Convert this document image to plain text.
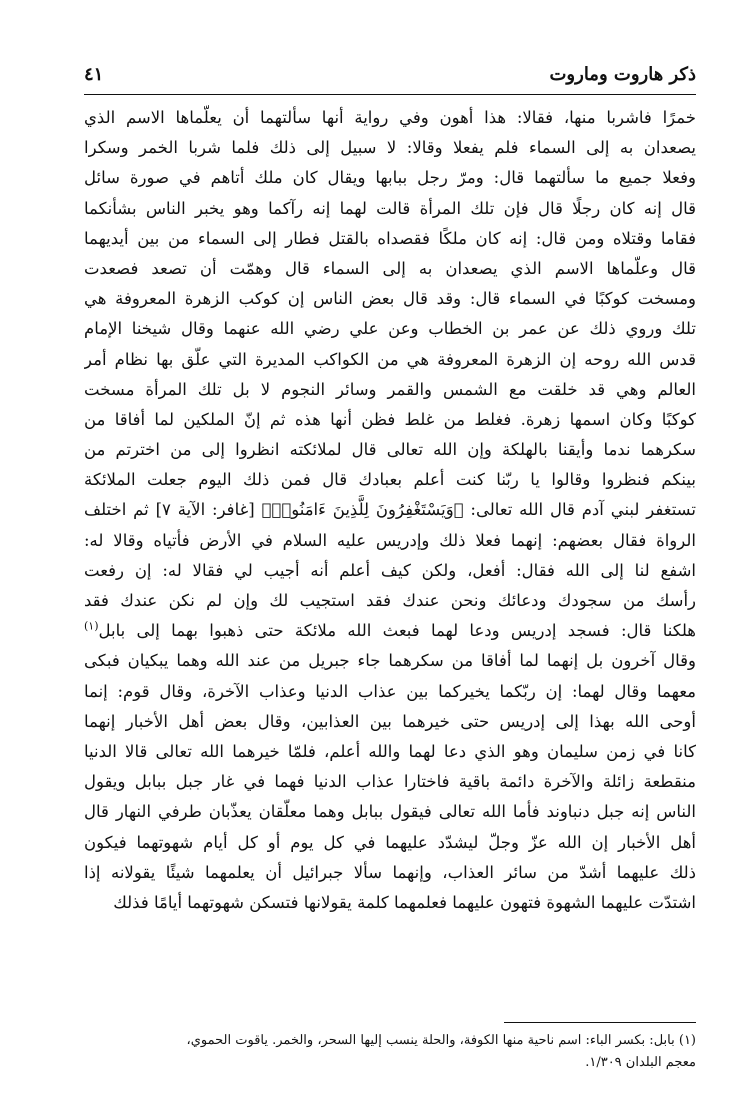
ذكر هاروت وماروت
٤١
خمرًا فاشربا منها، فقالا: هذا أهون وفي رواية أنها سألتهما أن يعلّماها الاسم الذي
يصعدان به إلى السماء فلم يفعلا وقالا: لا سبيل إلى ذلك فلما شربا الخمر وسكرا
وفعلا جميع ما سألتهما قال: ومرّ رجل ببابها ويقال كان ملك أتاهم في صورة سائل
قال إنه كان رجلًا قال فإن تلك المرأة قالت لهما إنه رآكما وهو يخبر الناس بشأنكما
فقاما وقتلاه ومن قال: إنه كان ملكًا فقصداه بالقتل فطار إلى السماء من بين أيديهما
قال وعلّماها الاسم الذي يصعدان به إلى السماء قال وهمّت أن تصعد فصعدت
ومسخت كوكبًا في السماء قال: وقد قال بعض الناس إن كوكب الزهرة المعروفة هي
تلك وروي ذلك عن عمر بن الخطاب وعن علي رضي الله عنهما وقال شيخنا الإمام
قدس الله روحه إن الزهرة المعروفة هي من الكواكب المديرة التي علّق بها نظام أمر
العالم وهي قد خلقت مع الشمس والقمر وسائر النجوم لا بل تلك المرأة مسخت
كوكبًا وكان اسمها زهرة. فغلط من غلط فظن أنها هذه ثم إنّ الملكين لما أفاقا من
سكرهما ندما وأيقنا بالهلكة وإن الله تعالى قال لملائكته انظروا إلى من اخترتم من
بينكم فنظروا وقالوا يا ربّنا كنت أعلم بعبادك قال فمن ذلك اليوم جعلت الملائكة
تستغفر لبني آدم قال الله تعالى: ﴿وَيَسْتَغْفِرُونَ لِلَّذِينَ ءَامَنُوا۟﴾ [غافر: الآية ٧] ثم اختلف
الرواة فقال بعضهم: إنهما فعلا ذلك وإدريس عليه السلام في الأرض فأتياه وقالا له:
اشفع لنا إلى الله فقال: أفعل، ولكن كيف أعلم أنه أجيب لي فقالا له: إن رفعت
رأسك من سجودك ودعائك ونحن عندك فقد استجيب لك وإن لم نكن عندك فقد
هلكنا قال: فسجد إدريس ودعا لهما فبعث الله ملائكة حتى ذهبوا بهما إلى بابل$^{(١)}$
وقال آخرون بل إنهما لما أفاقا من سكرهما جاء جبريل من عند الله وهما يبكيان فبكى
معهما وقال لهما: إن ربّكما يخيركما بين عذاب الدنيا وعذاب الآخرة، وقال قوم: إنما
أوحى الله بهذا إلى إدريس حتى خيرهما بين العذابين، وقال بعض أهل الأخبار إنهما
كانا في زمن سليمان وهو الذي دعا لهما والله أعلم، فلمّا خيرهما الله تعالى قالا الدنيا
منقطعة زائلة والآخرة دائمة باقية فاختارا عذاب الدنيا فهما في غار جبل ببابل ويقول
الناس إنه جبل دنباوند فأما الله تعالى فيقول ببابل وهما معلّقان يعذّبان طرفي النهار قال
أهل الأخبار إن الله عزّ وجلّ ليشدّد عليهما في كل يوم أو كل أيام شهوتهما فيكون
ذلك عليهما أشدّ من سائر العذاب، وإنهما سألا جبرائيل أن يعلمهما شيئًا يقولانه إذا
اشتدّت عليهما الشهوة فتهون عليهما فعلمهما كلمة يقولانها فتسكن شهوتهما أيامًا فذلك
(١) بابل: بكسر الباء: اسم ناحية منها الكوفة، والحلة ينسب إليها السحر، والخمر. ياقوت الحموي،
معجم البلدان ١/٣٠٩.
